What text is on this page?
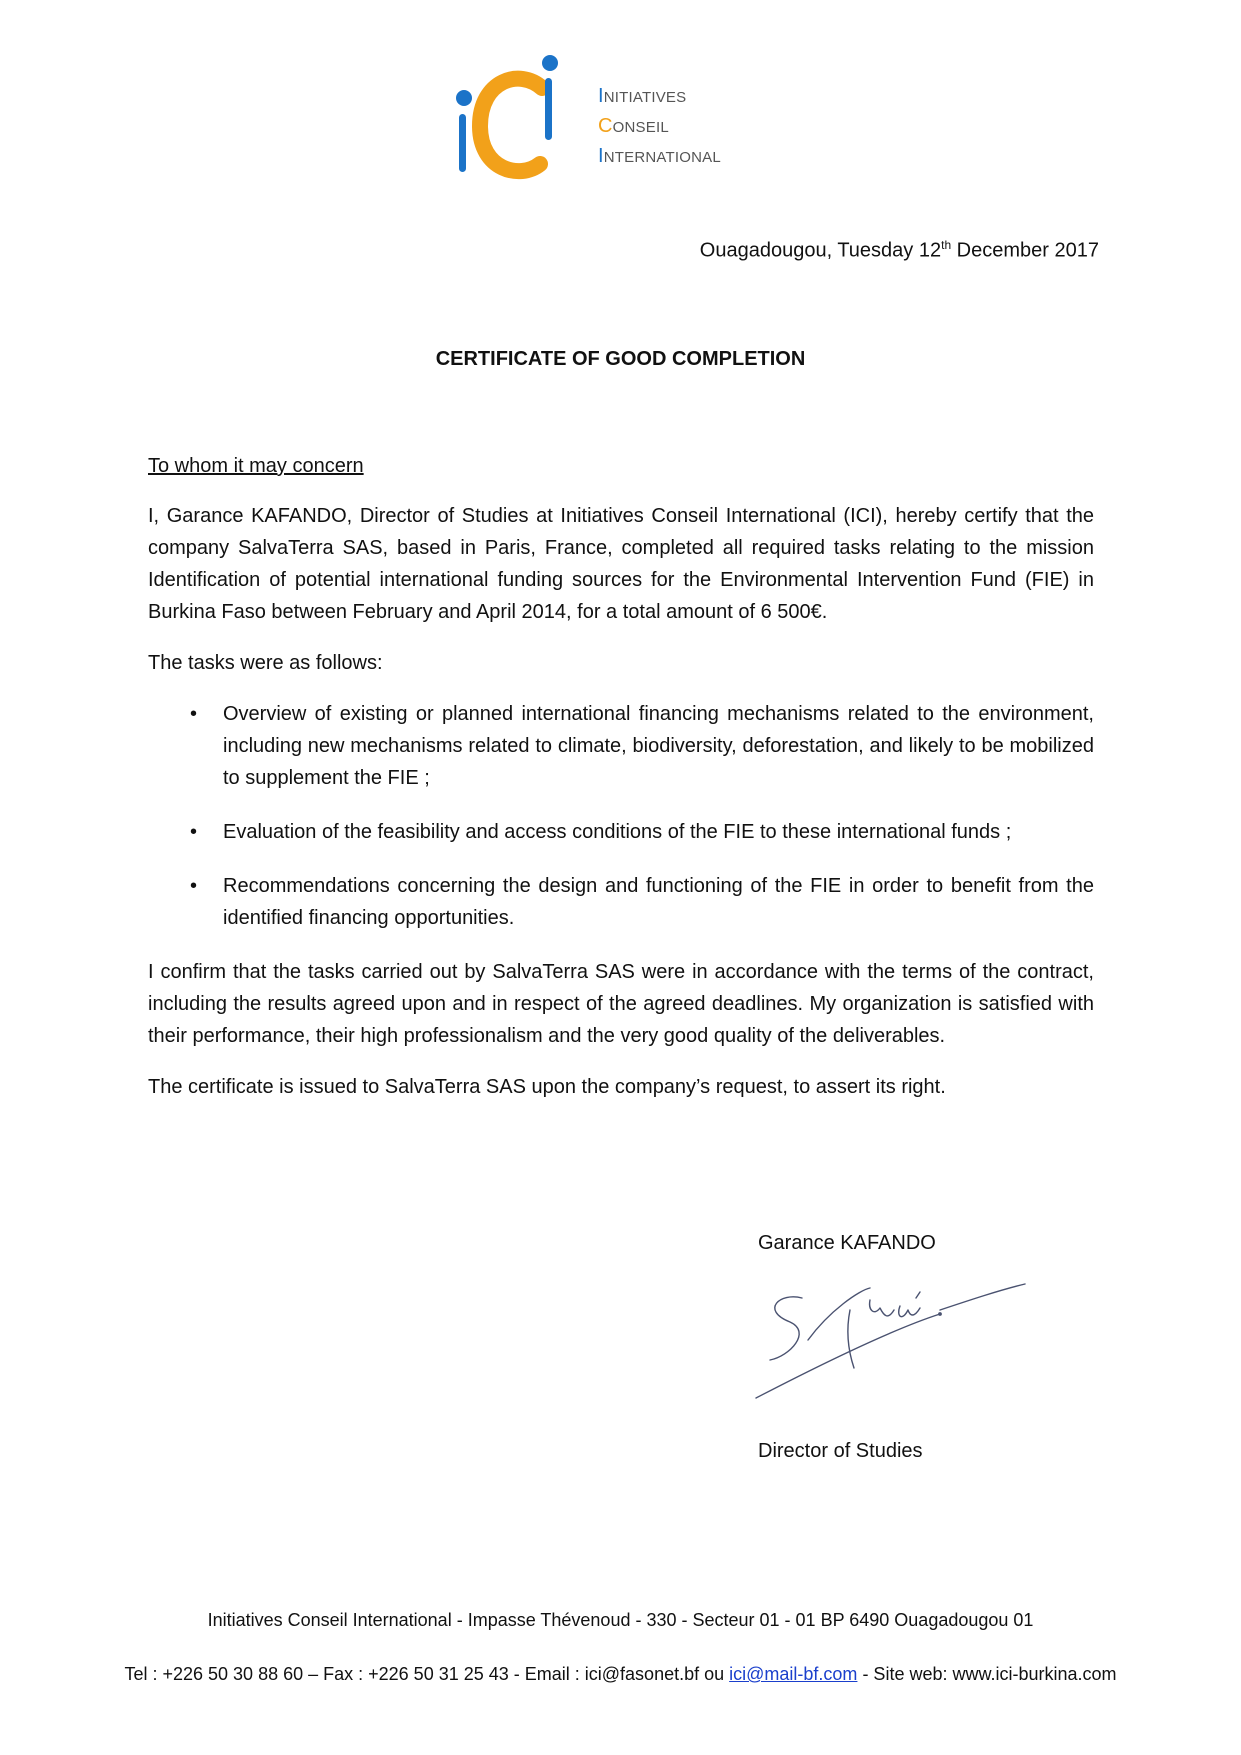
INITIATIVES
CONSEIL
INTERNATIONAL
Ouagadougou, Tuesday 12th December 2017
CERTIFICATE OF GOOD COMPLETION

To whom it may concern

I, Garance KAFANDO, Director of Studies at Initiatives Conseil International (ICI), hereby certify that the company SalvaTerra SAS, based in Paris, France, completed all required tasks relating to the mission Identification of potential international funding sources for the Environmental Intervention Fund (FIE) in Burkina Faso between February and April 2014, for a total amount of 6 500€.

The tasks were as follows:

• Overview of existing or planned international financing mechanisms related to the environment, including new mechanisms related to climate, biodiversity, deforestation, and likely to be mobilized to supplement the FIE ;
• Evaluation of the feasibility and access conditions of the FIE to these international funds ;
• Recommendations concerning the design and functioning of the FIE in order to benefit from the identified financing opportunities.

I confirm that the tasks carried out by SalvaTerra SAS were in accordance with the terms of the contract, including the results agreed upon and in respect of the agreed deadlines. My organization is satisfied with their performance, their high professionalism and the very good quality of the deliverables.

The certificate is issued to SalvaTerra SAS upon the company’s request, to assert its right.

Garance KAFANDO
Director of Studies
Initiatives Conseil International - Impasse Thévenoud - 330 - Secteur 01 - 01 BP 6490 Ouagadougou 01
Tel : +226 50 30 88 60 – Fax : +226 50 31 25 43 - Email : ici@fasonet.bf ou ici@mail-bf.com - Site web: www.ici-burkina.com
